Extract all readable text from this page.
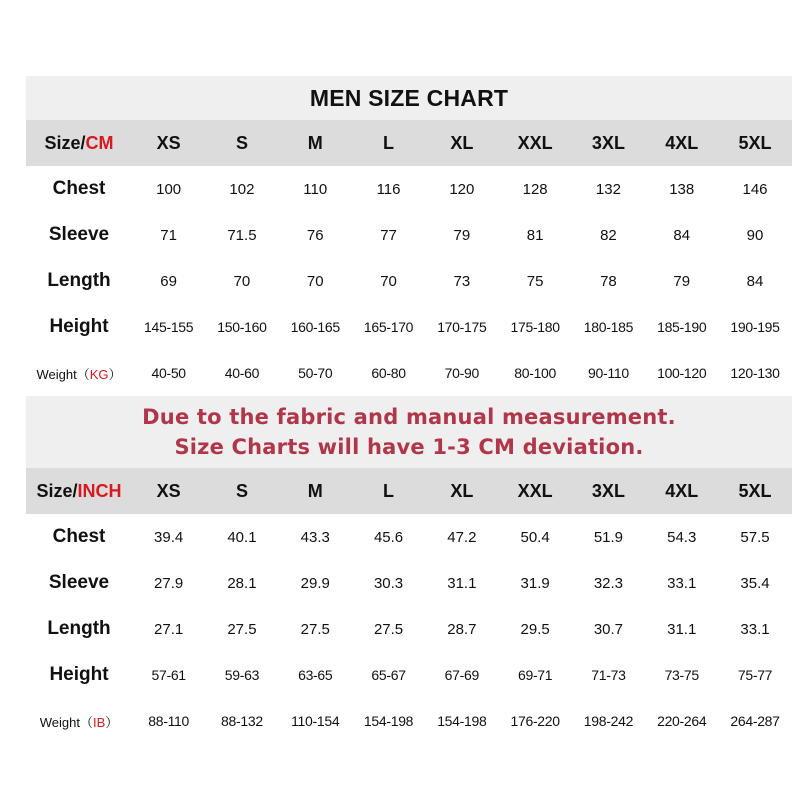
MEN SIZE CHART
Size/CM	XS	S	M	L	XL	XXL	3XL	4XL	5XL
Chest	100	102	110	116	120	128	132	138	146
Sleeve	71	71.5	76	77	79	81	82	84	90
Length	69	70	70	70	73	75	78	79	84
Height	145-155	150-160	160-165	165-170	170-175	175-180	180-185	185-190	190-195
Weight（KG）	40-50	40-60	50-70	60-80	70-90	80-100	90-110	100-120	120-130
Due to the fabric and manual measurement.
Size Charts will have 1-3 CM deviation.
Size/INCH	XS	S	M	L	XL	XXL	3XL	4XL	5XL
Chest	39.4	40.1	43.3	45.6	47.2	50.4	51.9	54.3	57.5
Sleeve	27.9	28.1	29.9	30.3	31.1	31.9	32.3	33.1	35.4
Length	27.1	27.5	27.5	27.5	28.7	29.5	30.7	31.1	33.1
Height	57-61	59-63	63-65	65-67	67-69	69-71	71-73	73-75	75-77
Weight（IB）	88-110	88-132	110-154	154-198	154-198	176-220	198-242	220-264	264-287
